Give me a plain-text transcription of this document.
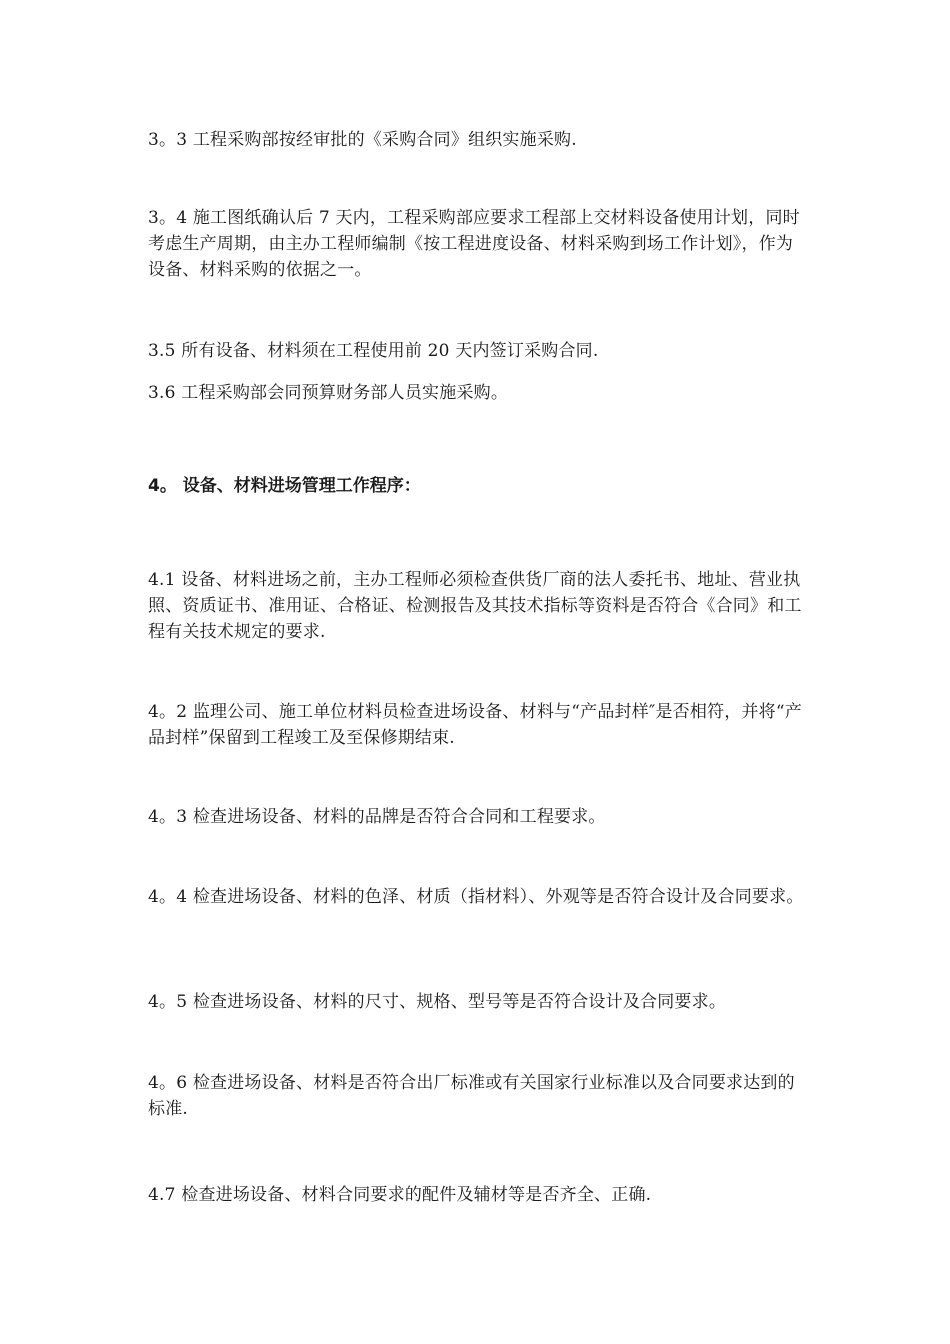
3。3 工程采购部按经审批的《采购合同》组织实施采购.

3。4 施工图纸确认后 7 天内，工程采购部应要求工程部上交材料设备使用计划，同时考虑生产周期，由主办工程师编制《按工程进度设备、材料采购到场工作计划》，作为设备、材料采购的依据之一。

3.5 所有设备、材料须在工程使用前 20 天内签订采购合同.

3.6 工程采购部会同预算财务部人员实施采购。

4。 设备、材料进场管理工作程序：

4.1 设备、材料进场之前，主办工程师必须检查供货厂商的法人委托书、地址、营业执照、资质证书、准用证、合格证、检测报告及其技术指标等资料是否符合《合同》和工程有关技术规定的要求.

4。2 监理公司、施工单位材料员检查进场设备、材料与“产品封样″是否相符，并将“产品封样”保留到工程竣工及至保修期结束.

4。3 检查进场设备、材料的品牌是否符合合同和工程要求。

4。4 检查进场设备、材料的色泽、材质（指材料）、外观等是否符合设计及合同要求。

4。5 检查进场设备、材料的尺寸、规格、型号等是否符合设计及合同要求。

4。6 检查进场设备、材料是否符合出厂标准或有关国家行业标准以及合同要求达到的标准.

4.7 检查进场设备、材料合同要求的配件及辅材等是否齐全、正确.
